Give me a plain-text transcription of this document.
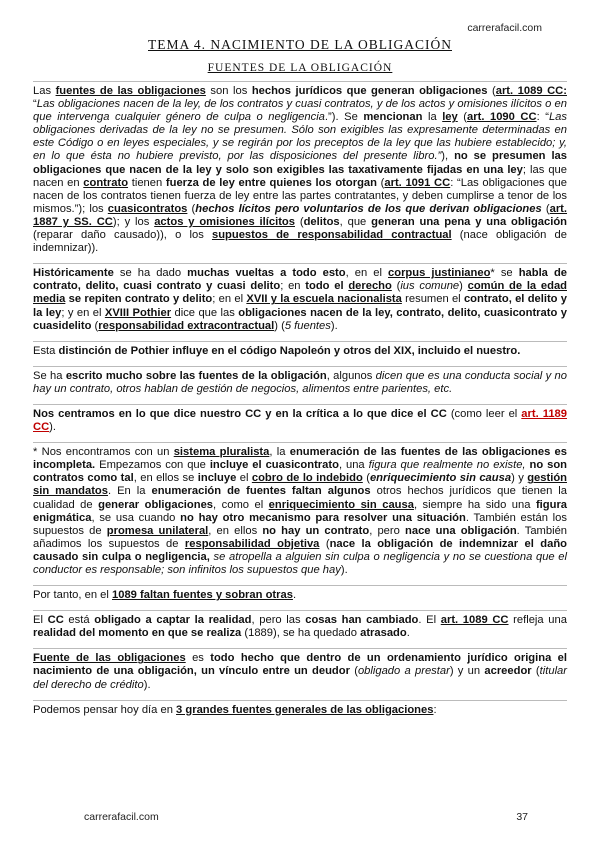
carrerafacil.com
TEMA 4. NACIMIENTO DE LA OBLIGACIÓN
FUENTES DE LA OBLIGACIÓN

Las fuentes de las obligaciones son los hechos jurídicos que generan obligaciones (art. 1089 CC: “Las obligaciones nacen de la ley, de los contratos y cuasi contratos, y de los actos y omisiones ilícitos o en que intervenga cualquier género de culpa o negligencia.”). Se mencionan la ley (art. 1090 CC: “Las obligaciones derivadas de la ley no se presumen. Sólo son exigibles las expresamente determinadas en este Código o en leyes especiales, y se regirán por los preceptos de la ley que las hubiere establecido; y, en lo que ésta no hubiere previsto, por las disposiciones del presente libro.”), no se presumen las obligaciones que nacen de la ley y solo son exigibles las taxativamente fijadas en una ley; las que nacen en contrato tienen fuerza de ley entre quienes los otorgan (art. 1091 CC: “Las obligaciones que nacen de los contratos tienen fuerza de ley entre las partes contratantes, y deben cumplirse a tenor de los mismos.”); los cuasicontratos (hechos lícitos pero voluntarios de los que derivan obligaciones (art. 1887 y SS. CC); y los actos y omisiones ilícitos (delitos, que generan una pena y una obligación (reparar daño causado)), o los supuestos de responsabilidad contractual (nace obligación de indemnizar)).

Históricamente se ha dado muchas vueltas a todo esto, en el corpus justinianeo* se habla de contrato, delito, cuasi contrato y cuasi delito; en todo el derecho (ius comune) común de la edad media se repiten contrato y delito; en el XVII y la escuela nacionalista resumen el contrato, el delito y la ley; y en el XVIII Pothier dice que las obligaciones nacen de la ley, contrato, delito, cuasicontrato y cuasidelito (responsabilidad extracontractual) (5 fuentes).

Esta distinción de Pothier influye en el código Napoleón y otros del XIX, incluido el nuestro.

Se ha escrito mucho sobre las fuentes de la obligación, algunos dicen que es una conducta social y no hay un contrato, otros hablan de gestión de negocios, alimentos entre parientes, etc.

Nos centramos en lo que dice nuestro CC y en la crítica a lo que dice el CC (como leer el art. 1189 CC).

* Nos encontramos con un sistema pluralista, la enumeración de las fuentes de las obligaciones es incompleta. Empezamos con que incluye el cuasicontrato, una figura que realmente no existe, no son contratos como tal, en ellos se incluye el cobro de lo indebido (enriquecimiento sin causa) y gestión sin mandatos. En la enumeración de fuentes faltan algunos otros hechos jurídicos que tienen la cualidad de generar obligaciones, como el enriquecimiento sin causa, siempre ha sido una figura enigmática, se usa cuando no hay otro mecanismo para resolver una situación. También están los supuestos de promesa unilateral, en ellos no hay un contrato, pero nace una obligación. También añadimos los supuestos de responsabilidad objetiva (nace la obligación de indemnizar el daño causado sin culpa o negligencia, se atropella a alguien sin culpa o negligencia y no se cuestiona que el conductor es responsable; son infinitos los supuestos que hay).

Por tanto, en el 1089 faltan fuentes y sobran otras.

El CC está obligado a captar la realidad, pero las cosas han cambiado. El art. 1089 CC refleja una realidad del momento en que se realiza (1889), se ha quedado atrasado.

Fuente de las obligaciones es todo hecho que dentro de un ordenamiento jurídico origina el nacimiento de una obligación, un vínculo entre un deudor (obligado a prestar) y un acreedor (titular del derecho de crédito).

Podemos pensar hoy día en 3 grandes fuentes generales de las obligaciones:

carrerafacil.com	37
